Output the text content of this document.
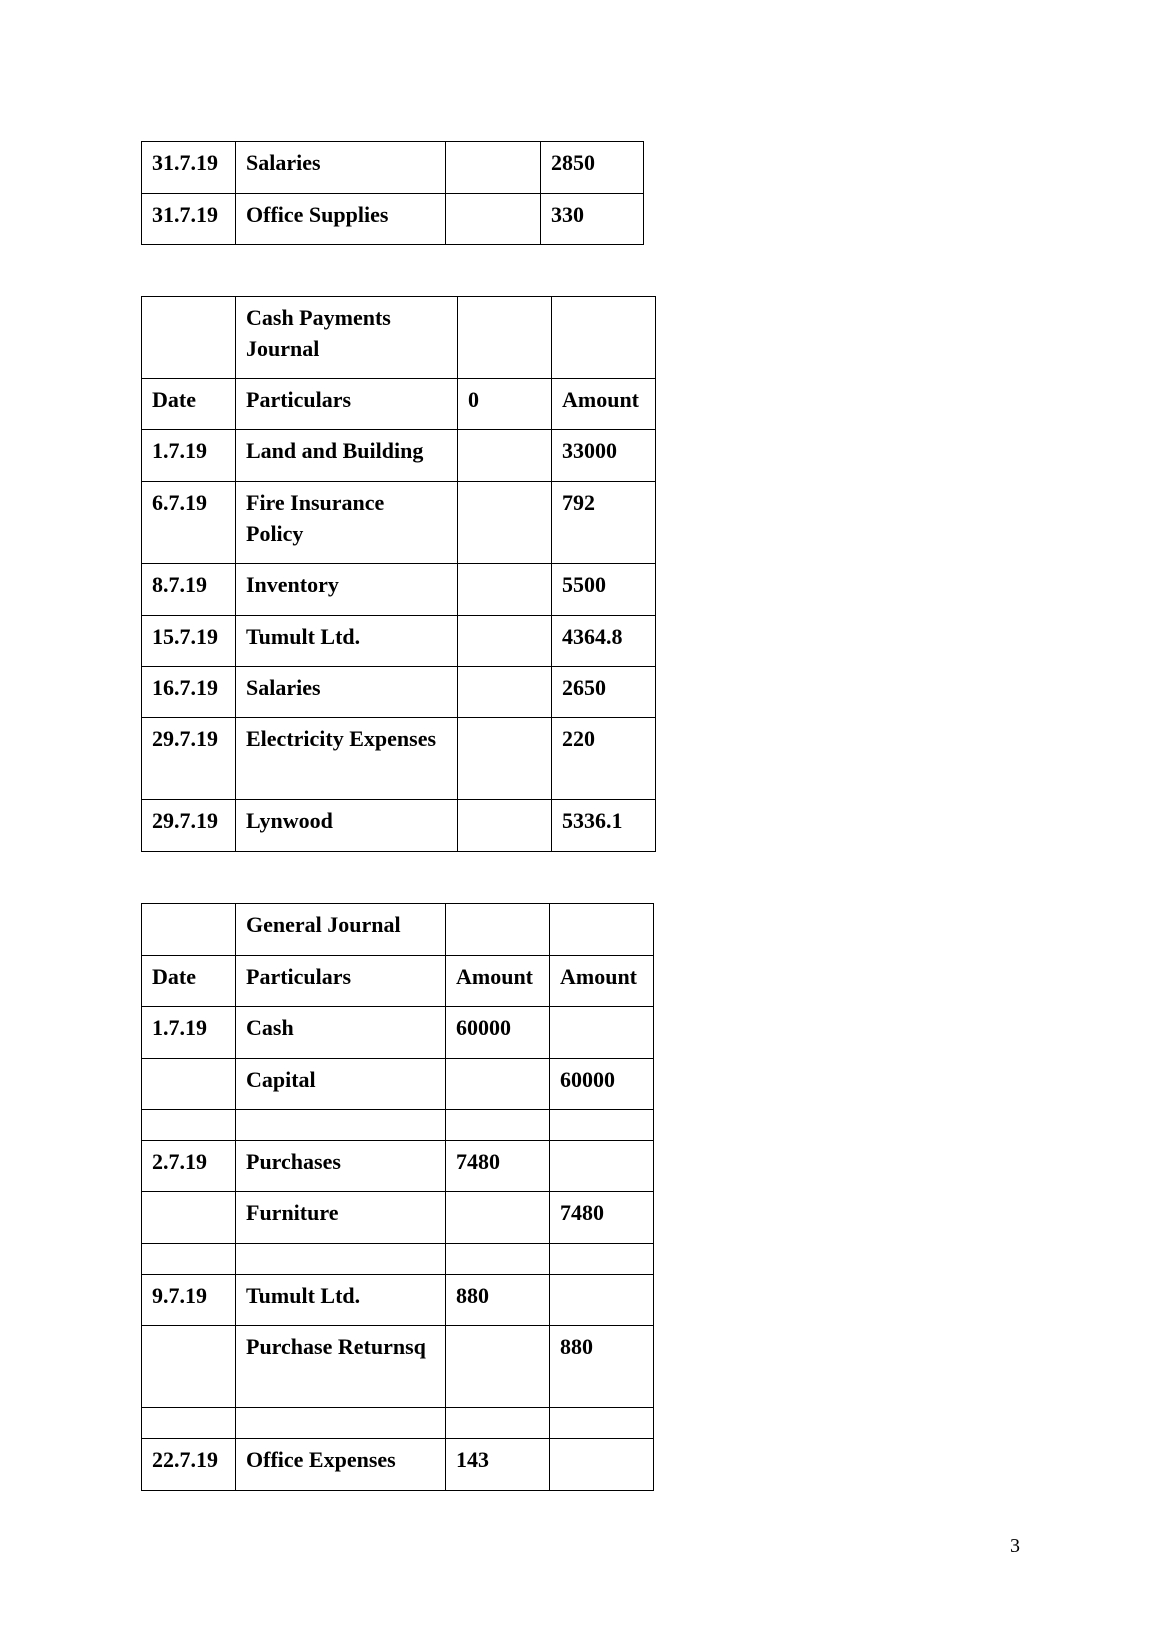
31.7.19	Salaries		2850
31.7.19	Office Supplies		330
	Cash Payments Journal		
Date	Particulars	0	Amount
1.7.19	Land and Building		33000
6.7.19	Fire Insurance Policy		792
8.7.19	Inventory		5500
15.7.19	Tumult Ltd.		4364.8
16.7.19	Salaries		2650
29.7.19	Electricity Expenses		220
29.7.19	Lynwood		5336.1
	General Journal		
Date	Particulars	Amount	Amount
1.7.19	Cash	60000	
	Capital		60000

2.7.19	Purchases	7480	
	Furniture		7480

9.7.19	Tumult Ltd.	880	
	Purchase Returnsq		880

22.7.19	Office Expenses	143	
3
